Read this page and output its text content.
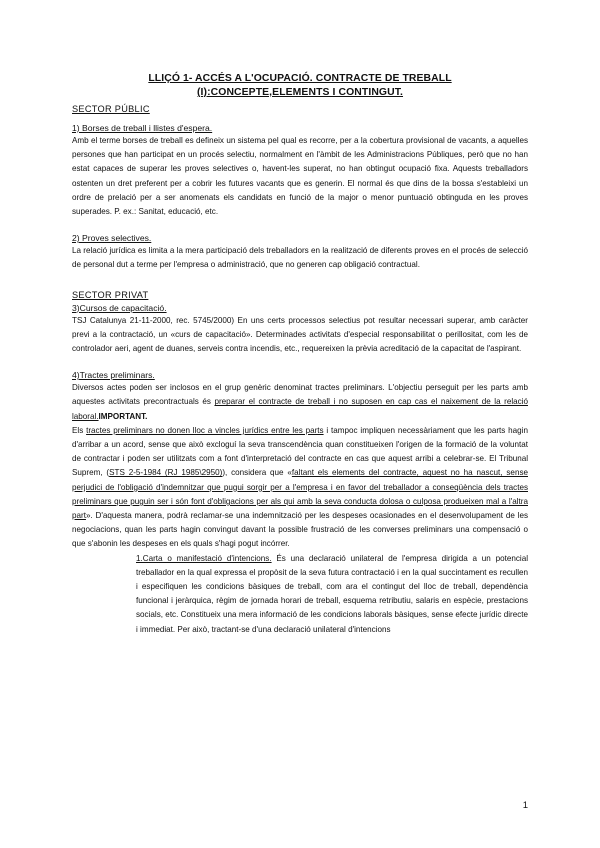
LLIÇÓ 1- ACCÉS A L'OCUPACIÓ. CONTRACTE DE TREBALL
(I):CONCEPTE,ELEMENTS I CONTINGUT.
SECTOR PÚBLIC
1) Borses de treball i llistes d'espera.

Amb el terme borses de treball es defineix un sistema pel qual es recorre, per a la cobertura provisional de vacants, a aquelles persones que han participat en un procés selectiu, normalment en l'àmbit de les Administracions Públiques, però que no han estat capaces de superar les proves selectives o, havent-les superat, no han obtingut ocupació fixa. Aquests treballadors ostenten un dret preferent per a cobrir les futures vacants que es generin. El normal és que dins de la bossa s'estableixi un ordre de prelació per a ser anomenats els candidats en funció de la major o menor puntuació obtinguda en les proves superades. P. ex.: Sanitat, educació, etc.

2) Proves selectives.

La relació jurídica es limita a la mera participació dels treballadors en la realització de diferents proves en el procés de selecció de personal dut a terme per l'empresa o administració, que no generen cap obligació contractual.

SECTOR PRIVAT
3)Cursos de capacitació.

TSJ Catalunya 21-11-2000, rec. 5745/2000) En uns certs processos selectius pot resultar necessari superar, amb caràcter previ a la contractació, un «curs de capacitació». Determinades activitats d'especial responsabilitat o perillositat, com les de controlador aeri, agent de duanes, serveis contra incendis, etc., requereixen la prèvia acreditació de la capacitat de l'aspirant.

4)Tractes preliminars.

Diversos actes poden ser inclosos en el grup genèric denominat tractes preliminars. L'objectiu perseguit per les parts amb aquestes activitats precontractuals és preparar el contracte de treball i no suposen en cap cas el naixement de la relació laboral.IMPORTANT.

Els tractes preliminars no donen lloc a vincles jurídics entre les parts i tampoc impliquen necessàriament que les parts hagin d'arribar a un acord, sense que això excloguí la seva transcendència quan constitueixen l'origen de la formació de la voluntat de contractar i poden ser utilitzats com a font d'interpretació del contracte en cas que aquest arribi a celebrar-se. El Tribunal Suprem, (STS 2-5-1984 (RJ 1985\2950)), considera que «faltant els elements del contracte, aquest no ha nascut, sense perjudici de l'obligació d'indemnitzar que pugui sorgir per a l'empresa i en favor del treballador a conseqüència dels tractes preliminars que puguin ser i són font d'obligacions per als qui amb la seva conducta dolosa o culposa produeixen mal a l'altra part». D'aquesta manera, podrà reclamar-se una indemnització per les despeses ocasionades en el desenvolupament de les negociacions, quan les parts hagin convingut davant la possible frustració de les converses preliminars una compensació o que s'abonin les despeses en els quals s'hagi pogut incórrer.

1.Carta o manifestació d'intencions. És una declaració unilateral de l'empresa dirigida a un potencial treballador en la qual expressa el propòsit de la seva futura contractació i en la qual succintament es recullen i especifiquen les condicions bàsiques de treball, com ara el contingut del lloc de treball, dependència funcional i jeràrquica, règim de jornada horari de treball, esquema retributiu, salaris en espècie, prestacions socials, etc. Constitueix una mera informació de les condicions laborals bàsiques, sense efecte jurídic directe i immediat. Per això, tractant-se d'una declaració unilateral d'intencions

1
